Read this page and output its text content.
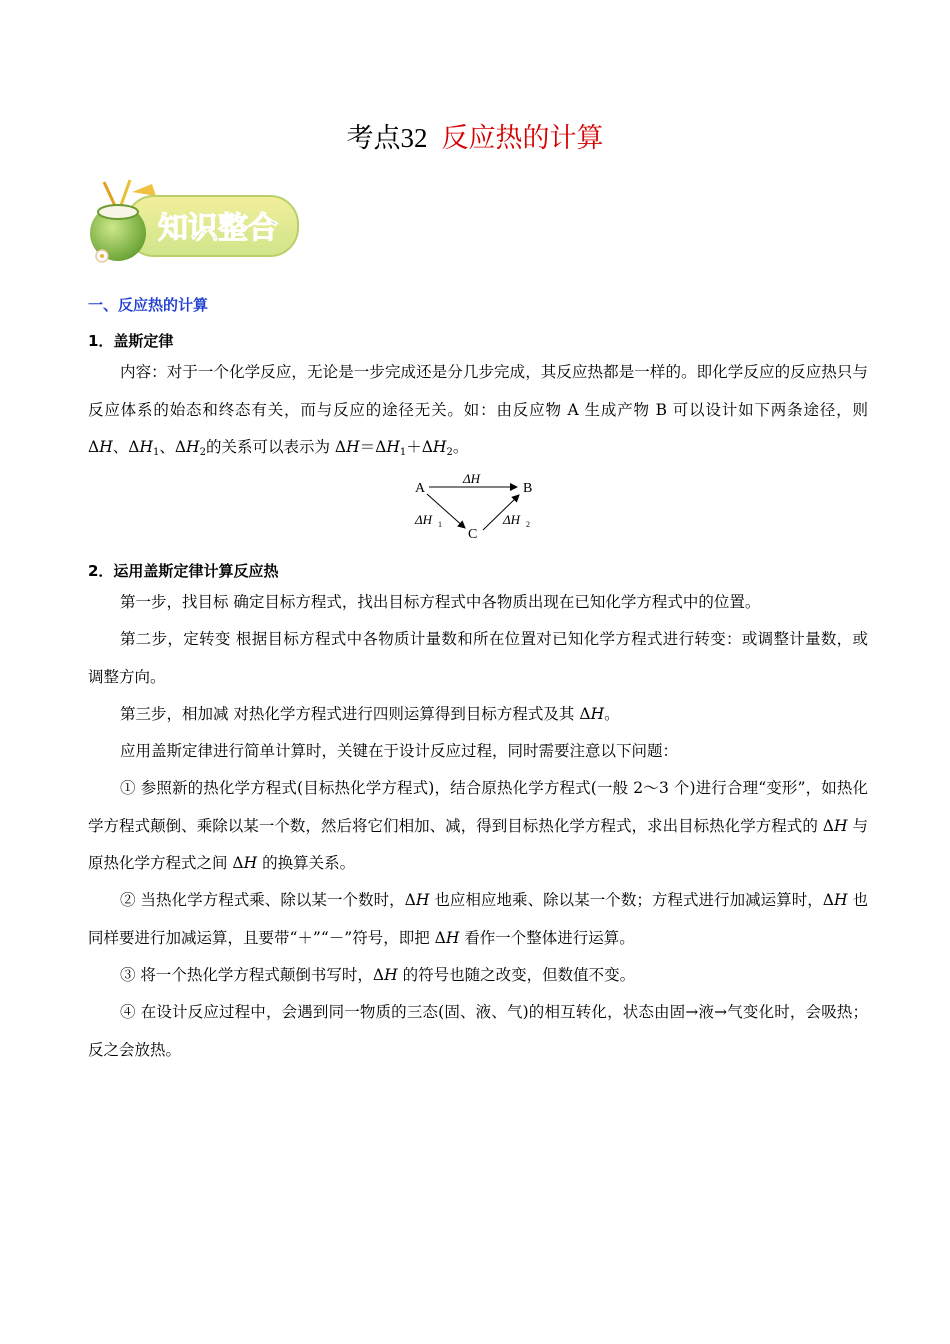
考点32 反应热的计算
知识整合
一、反应热的计算
1．盖斯定律

内容：对于一个化学反应，无论是一步完成还是分几步完成，其反应热都是一样的。即化学反应的反应热只与反应体系的始态和终态有关，而与反应的途径无关。如：由反应物 A 生成产物 B 可以设计如下两条途径，则 ΔH、$\Delta H_1$、$\Delta H_2$的关系可以表示为 $\Delta H=\Delta H_1+\Delta H_2$。

A	B
C
ΔH
ΔH 1	ΔH 2
2．运用盖斯定律计算反应热

第一步，找目标 确定目标方程式，找出目标方程式中各物质出现在已知化学方程式中的位置。

第二步，定转变 根据目标方程式中各物质计量数和所在位置对已知化学方程式进行转变：或调整计量数，或调整方向。

第三步，相加减 对热化学方程式进行四则运算得到目标方程式及其 ΔH。

应用盖斯定律进行简单计算时，关键在于设计反应过程，同时需要注意以下问题：

① 参照新的热化学方程式(目标热化学方程式)，结合原热化学方程式(一般 2～3 个)进行合理“变形”，如热化学方程式颠倒、乘除以某一个数，然后将它们相加、减，得到目标热化学方程式，求出目标热化学方程式的 ΔH 与原热化学方程式之间 ΔH 的换算关系。

② 当热化学方程式乘、除以某一个数时，ΔH 也应相应地乘、除以某一个数；方程式进行加减运算时，ΔH 也同样要进行加减运算，且要带“＋”“－”符号，即把 ΔH 看作一个整体进行运算。

③ 将一个热化学方程式颠倒书写时，ΔH 的符号也随之改变，但数值不变。

④ 在设计反应过程中，会遇到同一物质的三态(固、液、气)的相互转化，状态由固→液→气变化时，会吸热；反之会放热。
